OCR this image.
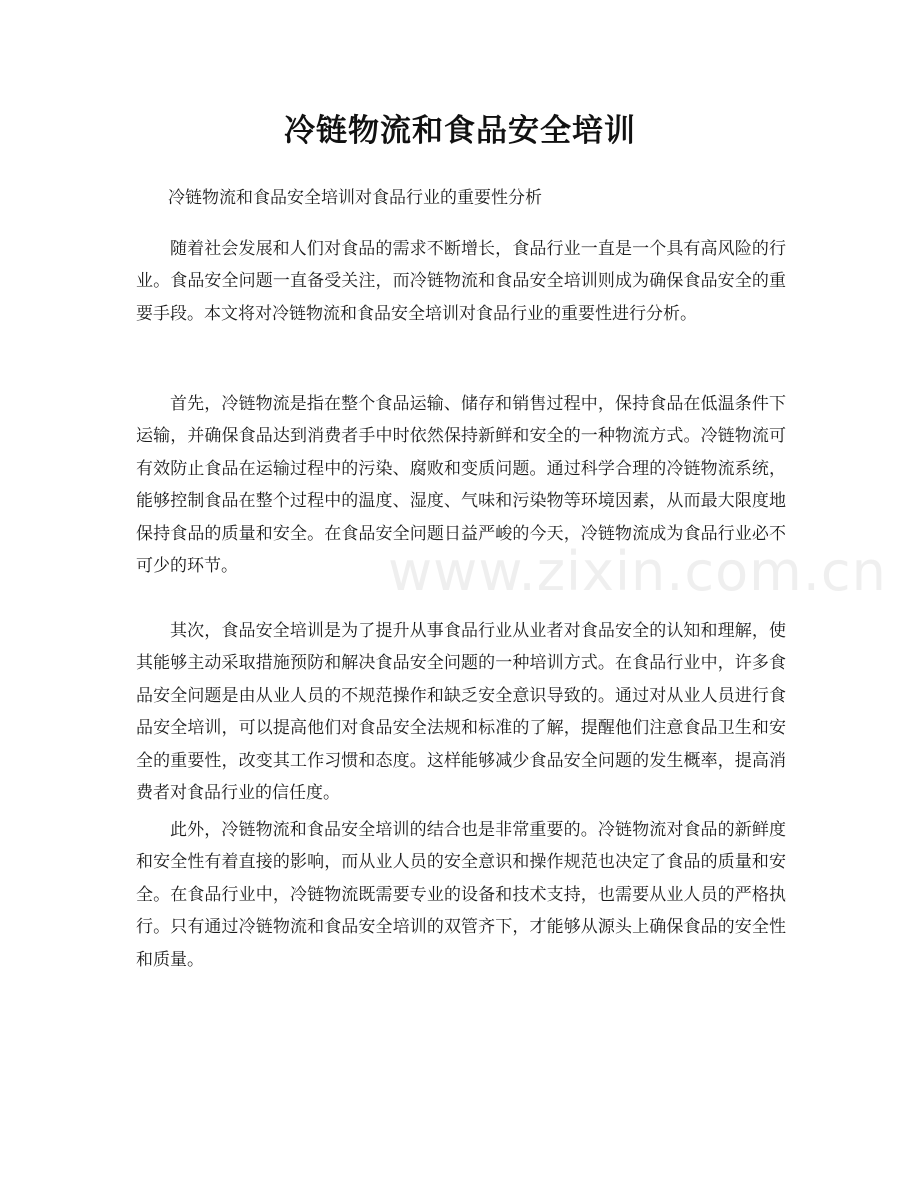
冷链物流和食品安全培训
冷链物流和食品安全培训对食品行业的重要性分析

随着社会发展和人们对食品的需求不断增长，食品行业一直是一个具有高风险的行业。食品安全问题一直备受关注，而冷链物流和食品安全培训则成为确保食品安全的重要手段。本文将对冷链物流和食品安全培训对食品行业的重要性进行分析。

首先，冷链物流是指在整个食品运输、储存和销售过程中，保持食品在低温条件下运输，并确保食品达到消费者手中时依然保持新鲜和安全的一种物流方式。冷链物流可有效防止食品在运输过程中的污染、腐败和变质问题。通过科学合理的冷链物流系统，能够控制食品在整个过程中的温度、湿度、气味和污染物等环境因素，从而最大限度地保持食品的质量和安全。在食品安全问题日益严峻的今天，冷链物流成为食品行业必不可少的环节。

其次，食品安全培训是为了提升从事食品行业从业者对食品安全的认知和理解，使其能够主动采取措施预防和解决食品安全问题的一种培训方式。在食品行业中，许多食品安全问题是由从业人员的不规范操作和缺乏安全意识导致的。通过对从业人员进行食品安全培训，可以提高他们对食品安全法规和标准的了解，提醒他们注意食品卫生和安全的重要性，改变其工作习惯和态度。这样能够减少食品安全问题的发生概率，提高消费者对食品行业的信任度。

此外，冷链物流和食品安全培训的结合也是非常重要的。冷链物流对食品的新鲜度和安全性有着直接的影响，而从业人员的安全意识和操作规范也决定了食品的质量和安全。在食品行业中，冷链物流既需要专业的设备和技术支持，也需要从业人员的严格执行。只有通过冷链物流和食品安全培训的双管齐下，才能够从源头上确保食品的安全性和质量。

www.zixin.com.cn
